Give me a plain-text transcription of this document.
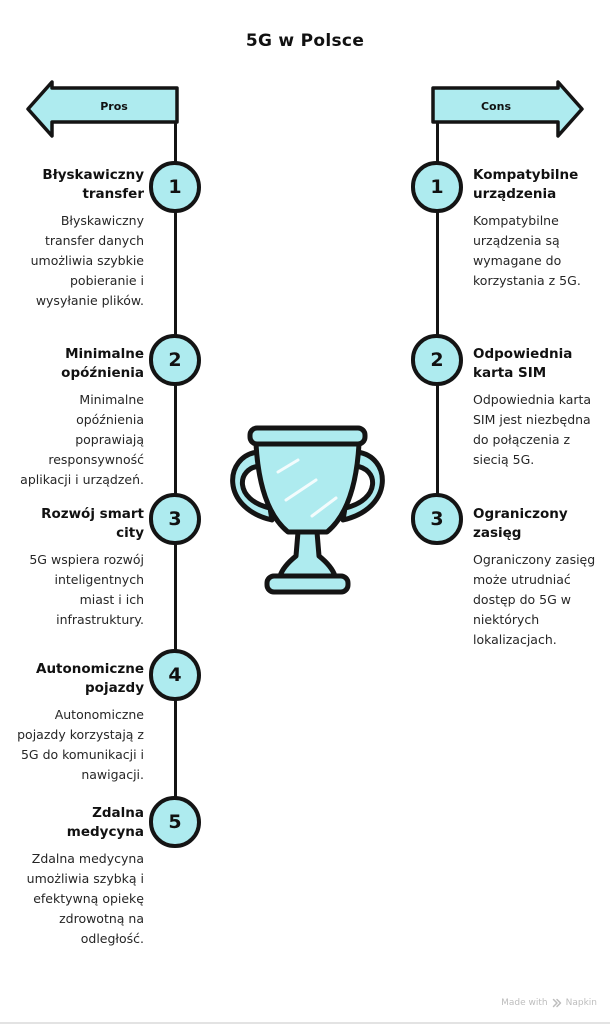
5G w Polsce
Pros	Cons
1
2
3
4
5
1
2
3
Błyskawiczny transfer

Błyskawiczny transfer danych umożliwia szybkie pobieranie i wysyłanie plików.

Minimalne opóźnienia

Minimalne opóźnienia poprawiają responsywność aplikacji i urządzeń.

Rozwój smart city

5G wspiera rozwój inteligentnych miast i ich infrastruktury.

Autonomiczne pojazdy

Autonomiczne pojazdy korzystają z 5G do komunikacji i nawigacji.

Zdalna medycyna

Zdalna medycyna umożliwia szybką i efektywną opiekę zdrowotną na odległość.

Kompatybilne urządzenia

Kompatybilne urządzenia są wymagane do korzystania z 5G.

Odpowiednia karta SIM

Odpowiednia karta SIM jest niezbędna do połączenia z siecią 5G.

Ograniczony zasięg

Ograniczony zasięg może utrudniać dostęp do 5G w niektórych lokalizacjach.

Made with Napkin
